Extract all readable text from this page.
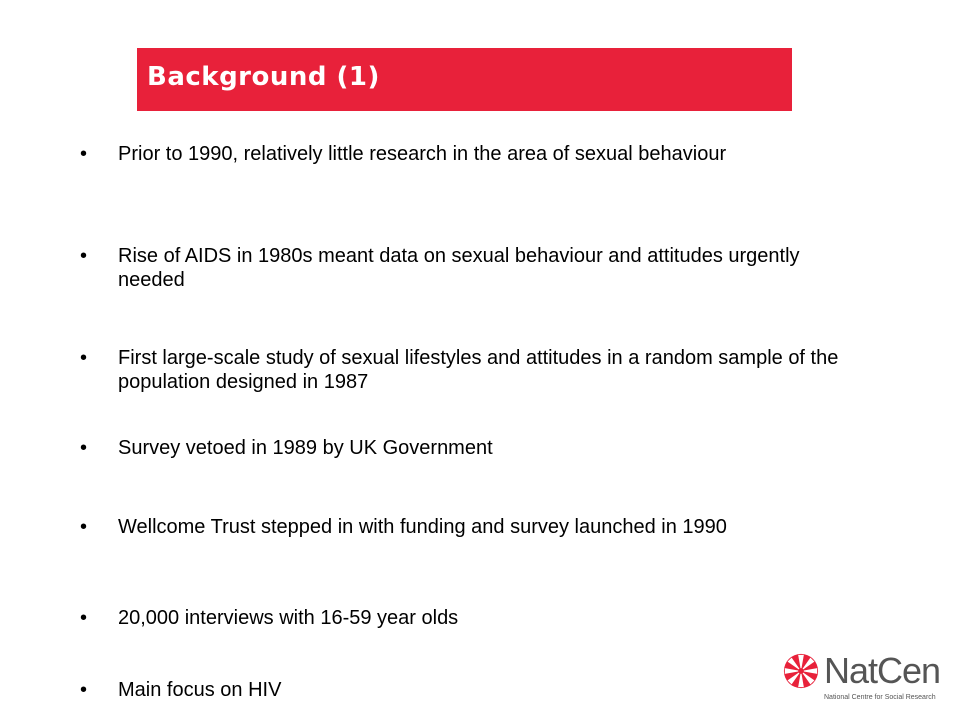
Background (1)
• Prior to 1990, relatively little research in the area of sexual behaviour
• Rise of AIDS in 1980s meant data on sexual behaviour and attitudes urgently needed
• First large-scale study of sexual lifestyles and attitudes in a random sample of the population designed in 1987
• Survey vetoed in 1989 by UK Government
• Wellcome Trust stepped in with funding and survey launched in 1990
• 20,000 interviews with 16-59 year olds
• Main focus on HIV	NatCen
National Centre for Social Research
